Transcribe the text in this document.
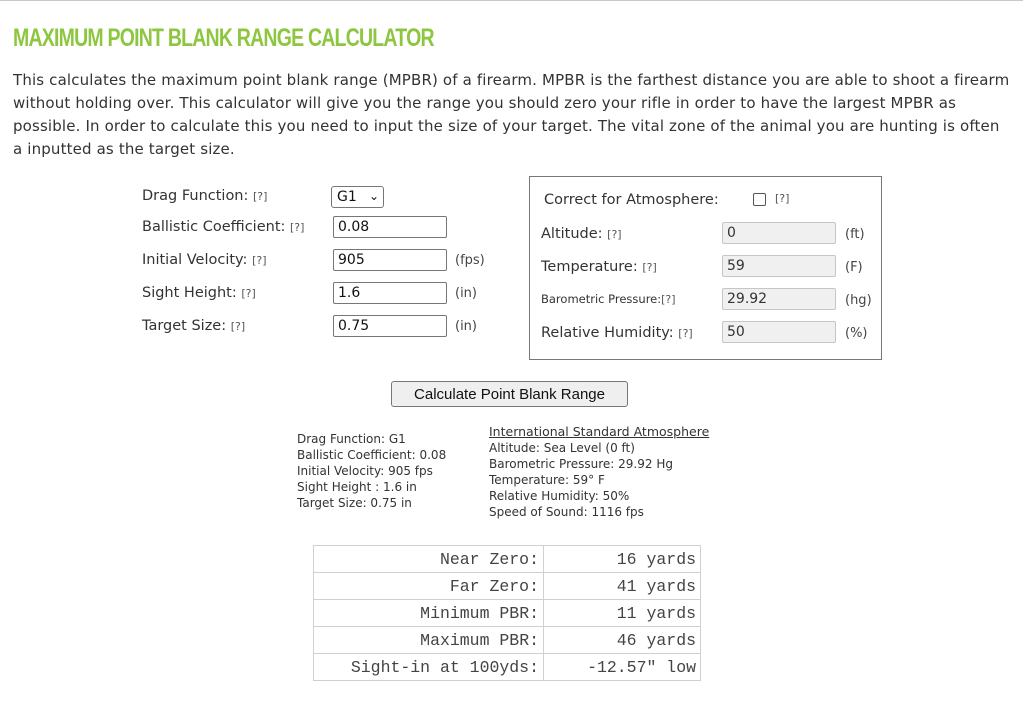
MAXIMUM POINT BLANK RANGE CALCULATOR

This calculates the maximum point blank range (MPBR) of a firearm. MPBR is the farthest distance you are able to shoot a firearm without holding over. This calculator will give you the range you should zero your rifle in order to have the largest MPBR as possible. In order to calculate this you need to input the size of your target. The vital zone of the animal you are hunting is often a inputted as the target size.

Drag Function: [?]	G1 ⌄
Ballistic Coefficient: [?]
0.08
Initial Velocity: [?]
905	(fps)
Sight Height: [?]
1.6	(in)
Target Size: [?]
0.75	(in)
Correct for Atmosphere:	[?]
Altitude: [?]
0	(ft)
Temperature: [?]
59	(F)
Barometric Pressure:[?]
29.92	(hg)
Relative Humidity: [?]
50	(%)
Calculate Point Blank Range
Drag Function: G1
Ballistic Coefficient: 0.08
Initial Velocity: 905 fps
Sight Height : 1.6 in
Target Size: 0.75 in
International Standard Atmosphere
Altitude: Sea Level (0 ft)
Barometric Pressure: 29.92 Hg
Temperature: 59° F
Relative Humidity: 50%
Speed of Sound: 1116 fps
Near Zero:	16 yards
Far Zero:	41 yards
Minimum PBR:	11 yards
Maximum PBR:	46 yards
Sight-in at 100yds:	-12.57" low
